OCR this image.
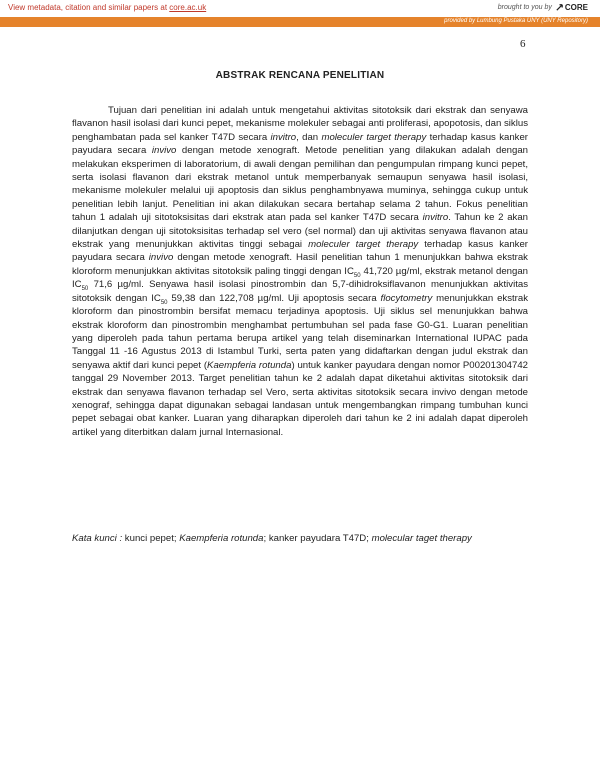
View metadata, citation and similar papers at core.ac.uk	brought to you by CORE
provided by Lumbung Pustaka UNY (UNY Repository)
6
ABSTRAK RENCANA PENELITIAN

Tujuan dari penelitian ini adalah untuk mengetahui aktivitas sitotoksik dari ekstrak dan senyawa flavanon hasil isolasi dari kunci pepet, mekanisme molekuler sebagai anti proliferasi, apopotosis, dan siklus penghambatan pada sel kanker T47D secara invitro, dan moleculer target therapy terhadap kasus kanker payudara secara invivo dengan metode xenograft. Metode penelitian yang dilakukan adalah dengan melakukan eksperimen di laboratorium, di awali dengan pemilihan dan pengumpulan rimpang kunci pepet, serta isolasi flavanon dari ekstrak metanol untuk memperbanyak semaupun senyawa hasil isolasi, mekanisme molekuler melalui uji apoptosis dan siklus penghambnyawa muminya, sehingga cukup untuk penelitian lebih lanjut. Penelitian ini akan dilakukan secara bertahap selama 2 tahun. Fokus penelitian tahun 1 adalah uji sitotoksisitas dari ekstrak atan pada sel kanker T47D secara invitro. Tahun ke 2 akan dilanjutkan dengan uji sitotoksisitas terhadap sel vero (sel normal) dan uji aktivitas senyawa flavanon atau ekstrak yang menunjukkan aktivitas tinggi sebagai moleculer target therapy terhadap kasus kanker payudara secara invivo dengan metode xenograft. Hasil penelitian tahun 1 menunjukkan bahwa ekstrak kloroform menunjukkan aktivitas sitotoksik paling tinggi dengan $IC_{50}$ 41,720 µg/ml, ekstrak metanol dengan $IC_{50}$ 71,6 µg/ml. Senyawa hasil isolasi pinostrombin dan 5,7-dihidroksiflavanon menunjukkan aktivitas sitotoksik dengan $IC_{50}$ 59,38 dan 122,708 µg/ml. Uji apoptosis secara flocytometry menunjukkan ekstrak kloroform dan pinostrombin bersifat memacu terjadinya apoptosis. Uji siklus sel menunjukkan bahwa ekstrak kloroform dan pinostrombin menghambat pertumbuhan sel pada fase G0-G1. Luaran penelitian yang diperoleh pada tahun pertama berupa artikel yang telah diseminarkan International IUPAC pada Tanggal 11 -16 Agustus 2013 di Istambul Turki, serta paten yang didaftarkan dengan judul ekstrak dan senyawa aktif dari kunci pepet (Kaempferia rotunda) untuk kanker payudara dengan nomor P00201304742 tanggal 29 November 2013. Target penelitian tahun ke 2 adalah dapat diketahui aktivitas sitotoksik dari ekstrak dan senyawa flavanon terhadap sel Vero, serta aktivitas sitotoksik secara invivo dengan metode xenograf, sehingga dapat digunakan sebagai landasan untuk mengembangkan rimpang tumbuhan kunci pepet sebagai obat kanker. Luaran yang diharapkan diperoleh dari tahun ke 2 ini adalah dapat diperoleh artikel yang diterbitkan dalam jurnal Internasional.

Kata kunci : kunci pepet; Kaempferia rotunda; kanker payudara T47D; molecular taget therapy
